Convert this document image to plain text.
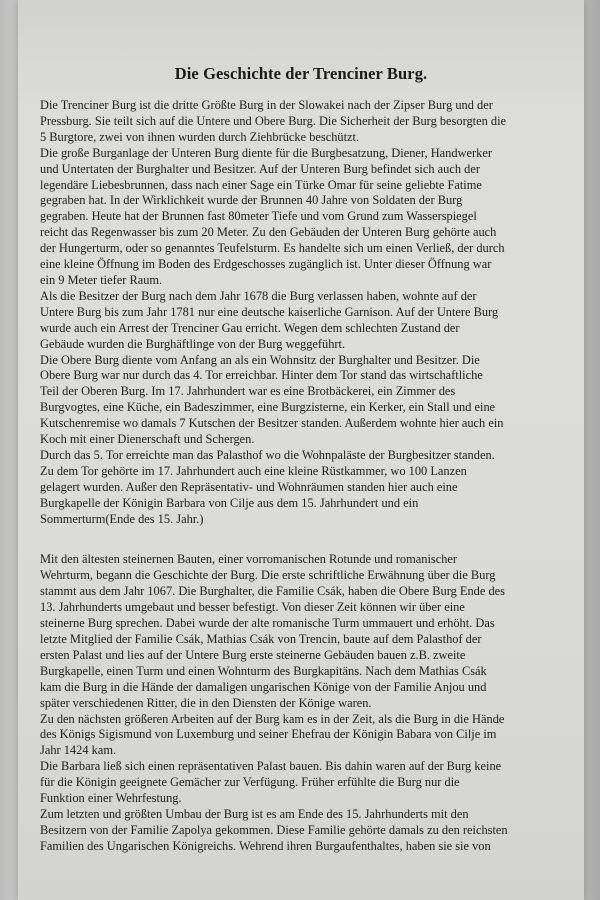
Die Geschichte der Trenciner Burg.
Die Trenciner Burg ist die dritte Größte Burg in der Slowakei nach der Zipser Burg und der
Pressburg. Sie teilt sich auf die Untere und Obere Burg. Die Sicherheit der Burg besorgten die
5 Burgtore, zwei von ihnen wurden durch Ziehbrücke beschützt.
Die große Burganlage der Unteren Burg diente für die Burgbesatzung, Diener, Handwerker
und Untertaten der Burghalter und Besitzer. Auf der Unteren Burg befindet sich auch der
legendäre Liebesbrunnen, dass nach einer Sage ein Türke Omar für seine geliebte Fatime
gegraben hat. In der Wirklichkeit wurde der Brunnen 40 Jahre von Soldaten der Burg
gegraben. Heute hat der Brunnen fast 80meter Tiefe und vom Grund zum Wasserspiegel
reicht das Regenwasser bis zum 20 Meter. Zu den Gebäuden der Unteren Burg gehörte auch
der Hungerturm, oder so genanntes Teufelsturm. Es handelte sich um einen Verließ, der durch
eine kleine Öffnung im Boden des Erdgeschosses zugänglich ist. Unter dieser Öffnung war
ein 9 Meter tiefer Raum.
Als die Besitzer der Burg nach dem Jahr 1678 die Burg verlassen haben, wohnte auf der
Untere Burg bis zum Jahr 1781 nur eine deutsche kaiserliche Garnison. Auf der Untere Burg
wurde auch ein Arrest der Trenciner Gau erricht. Wegen dem schlechten Zustand der
Gebäude wurden die Burghäftlinge von der Burg weggeführt.
Die Obere Burg diente vom Anfang an als ein Wohnsitz der Burghalter und Besitzer. Die
Obere Burg war nur durch das 4. Tor erreichbar. Hinter dem Tor stand das wirtschaftliche
Teil der Oberen Burg. Im 17. Jahrhundert war es eine Brotbäckerei, ein Zimmer des
Burgvogtes, eine Küche, ein Badeszimmer, eine Burgzisterne, ein Kerker, ein Stall und eine
Kutschenremise wo damals 7 Kutschen der Besitzer standen. Außerdem wohnte hier auch ein
Koch mit einer Dienerschaft und Schergen.
Durch das 5. Tor erreichte man das Palasthof wo die Wohnpaläste der Burgbesitzer standen.
Zu dem Tor gehörte im 17. Jahrhundert auch eine kleine Rüstkammer, wo 100 Lanzen
gelagert wurden. Außer den Repräsentativ- und Wohnräumen standen hier auch eine
Burgkapelle der Königin Barbara von Cilje aus dem 15. Jahrhundert und ein
Sommerturm(Ende des 15. Jahr.)
Mit den ältesten steinernen Bauten, einer vorromanischen Rotunde und romanischer
Wehrturm, begann die Geschichte der Burg. Die erste schriftliche Erwähnung über die Burg
stammt aus dem Jahr 1067. Die Burghalter, die Familie Csák, haben die Obere Burg Ende des
13. Jahrhunderts umgebaut und besser befestigt. Von dieser Zeit können wir über eine
steinerne Burg sprechen. Dabei wurde der alte romanische Turm ummauert und erhöht. Das
letzte Mitglied der Familie Csák, Mathias Csák von Trencin, baute auf dem Palasthof der
ersten Palast und lies auf der Untere Burg erste steinerne Gebäuden bauen z.B. zweite
Burgkapelle, einen Turm und einen Wohnturm des Burgkapitäns. Nach dem Mathias Csák
kam die Burg in die Hände der damaligen ungarischen Könige von der Familie Anjou und
später verschiedenen Ritter, die in den Diensten der Könige waren.
Zu den nächsten größeren Arbeiten auf der Burg kam es in der Zeit, als die Burg in die Hände
des Königs Sigismund von Luxemburg und seiner Ehefrau der Königin Babara von Cilje im
Jahr 1424 kam.
Die Barbara ließ sich einen repräsentativen Palast bauen. Bis dahin waren auf der Burg keine
für die Königin geeignete Gemächer zur Verfügung. Früher erfühlte die Burg nur die
Funktion einer Wehrfestung.
Zum letzten und größten Umbau der Burg ist es am Ende des 15. Jahrhunderts mit den
Besitzern von der Familie Zapolya gekommen. Diese Familie gehörte damals zu den reichsten
Familien des Ungarischen Königreichs. Wehrend ihren Burgaufenthaltes, haben sie sie von
